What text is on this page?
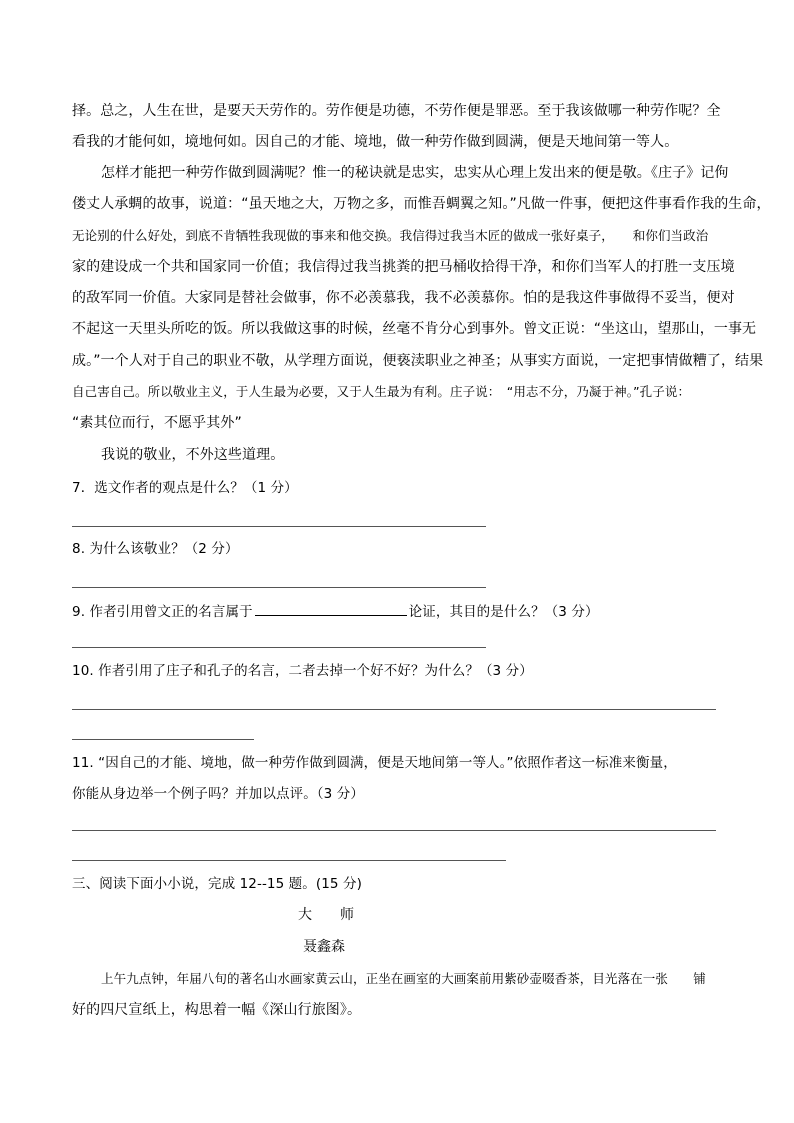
择。总之，人生在世，是要天天劳作的。劳作便是功德，不劳作便是罪恶。至于我该做哪一种劳作呢？全
看我的才能何如，境地何如。因自己的才能、境地，做一种劳作做到圆满，便是天地间第一等人。
怎样才能把一种劳作做到圆满呢？惟一的秘诀就是忠实，忠实从心理上发出来的便是敬。《庄子》记佝
偻丈人承蜩的故事，说道：“虽天地之大，万物之多，而惟吾蜩翼之知。”凡做一件事，便把这件事看作我的生命，
无论别的什么好处，到底不肯牺牲我现做的事来和他交换。我信得过我当木匠的做成一张好桌子，　　和你们当政治
家的建设成一个共和国家同一价值；我信得过我当挑粪的把马桶收拾得干净，和你们当军人的打胜一支压境
的敌军同一价值。大家同是替社会做事，你不必羡慕我，我不必羡慕你。怕的是我这件事做得不妥当，便对
不起这一天里头所吃的饭。所以我做这事的时候，丝毫不肯分心到事外。曾文正说：“坐这山，望那山，一事无
成。”一个人对于自己的职业不敬，从学理方面说，便亵渎职业之神圣；从事实方面说，一定把事情做糟了，结果
自己害自己。所以敬业主义，于人生最为必要，又于人生最为有利。庄子说：　“用志不分，乃凝于神。”孔子说：
“素其位而行，不愿乎其外”
我说的敬业，不外这些道理。
7．选文作者的观点是什么？（1 分）
8. 为什么该敬业？（2 分）
9. 作者引用曾文正的名言属于	论证，其目的是什么？（3 分）
10. 作者引用了庄子和孔子的名言，二者去掉一个好不好？为什么？（3 分）
11. “因自己的才能、境地，做一种劳作做到圆满，便是天地间第一等人。”依照作者这一标准来衡量，
你能从身边举一个例子吗？并加以点评。（3 分）
三、阅读下面小小说，完成 12--15 题。(15 分)
大　　师
聂鑫森
上午九点钟，年届八旬的著名山水画家黄云山，正坐在画室的大画案前用紫砂壶啜香茶，目光落在一张　　铺
好的四尺宣纸上，构思着一幅《深山行旅图》。
